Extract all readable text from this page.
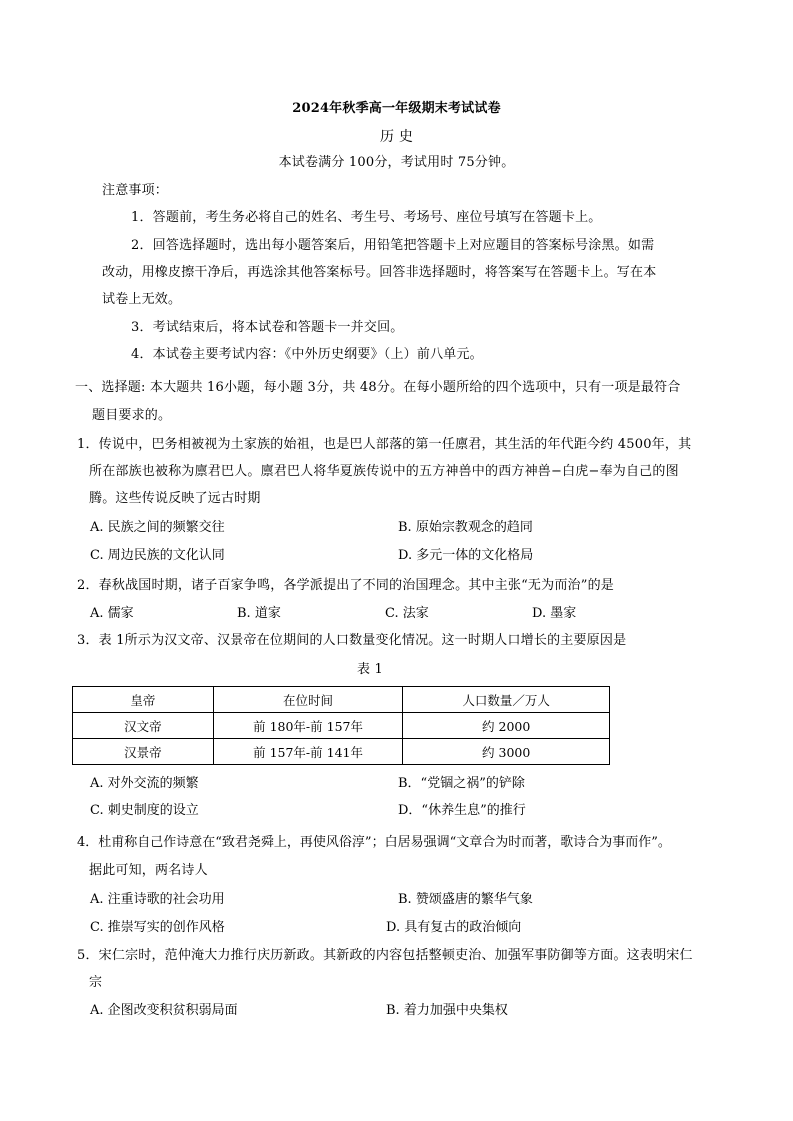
2024年秋季高一年级期末考试试卷
历 史
本试卷满分 100分，考试用时 75分钟。
注意事项：
1．答题前，考生务必将自己的姓名、考生号、考场号、座位号填写在答题卡上。
2．回答选择题时，选出每小题答案后，用铅笔把答题卡上对应题目的答案标号涂黑。如需
改动，用橡皮擦干净后，再选涂其他答案标号。回答非选择题时，将答案写在答题卡上。写在本
试卷上无效。
3．考试结束后，将本试卷和答题卡一并交回。
4．本试卷主要考试内容：《中外历史纲要》（上）前八单元。
一、选择题: 本大题共 16小题，每小题 3分，共 48分。在每小题所给的四个选项中，只有一项是最符合
题目要求的。
1．传说中，巴务相被视为土家族的始祖，也是巴人部落的第一任廪君，其生活的年代距今约 4500年，其
所在部族也被称为廪君巴人。廪君巴人将华夏族传说中的五方神兽中的西方神兽−白虎−奉为自己的图
腾。这些传说反映了远古时期
A. 民族之间的频繁交往	B. 原始宗教观念的趋同
C. 周边民族的文化认同	D. 多元一体的文化格局
2．春秋战国时期，诸子百家争鸣，各学派提出了不同的治国理念。其中主张“无为而治”的是
A. 儒家	B. 道家	C. 法家	D. 墨家
3．表 1所示为汉文帝、汉景帝在位期间的人口数量变化情况。这一时期人口增长的主要原因是
表 1
皇帝	在位时间	人口数量／万人
汉文帝	前 180年-前 157年	约 2000
汉景帝	前 157年-前 141年	约 3000
A. 对外交流的频繁	B．“党锢之祸”的铲除
C. 刺史制度的设立	D．“休养生息”的推行
4．杜甫称自己作诗意在“致君尧舜上，再使风俗淳”；白居易强调“文章合为时而著，歌诗合为事而作”。
据此可知，两名诗人
A. 注重诗歌的社会功用	B. 赞颂盛唐的繁华气象
C. 推崇写实的创作风格	D. 具有复古的政治倾向
5．宋仁宗时，范仲淹大力推行庆历新政。其新政的内容包括整顿吏治、加强军事防御等方面。这表明宋仁
宗
A. 企图改变积贫积弱局面	B. 着力加强中央集权
